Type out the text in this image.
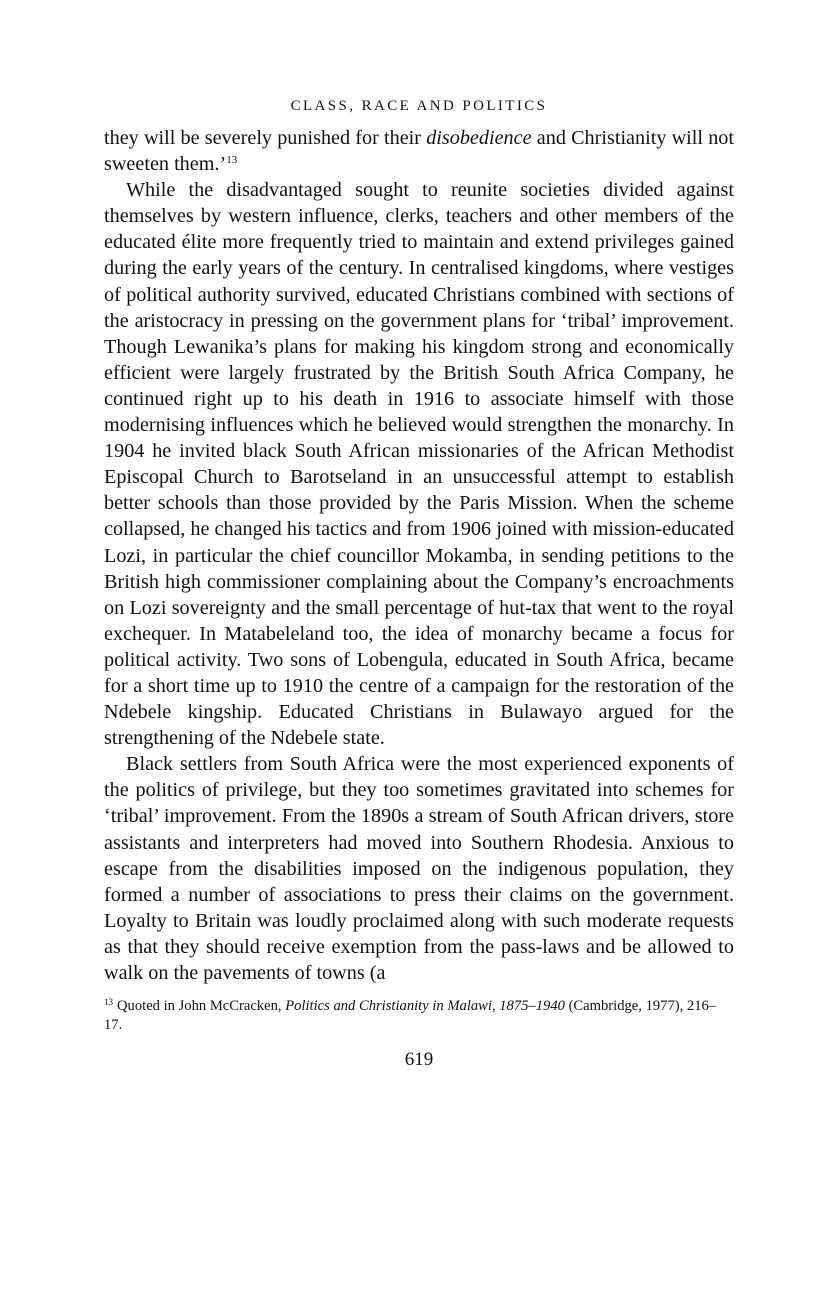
CLASS, RACE AND POLITICS

they will be severely punished for their disobedience and Christianity will not sweeten them.’$^{13}$

While the disadvantaged sought to reunite societies divided against themselves by western influence, clerks, teachers and other members of the educated élite more frequently tried to maintain and extend privileges gained during the early years of the century. In centralised kingdoms, where vestiges of political authority survived, educated Christians combined with sections of the aristocracy in pressing on the government plans for ‘tribal’ improvement. Though Lewanika’s plans for making his kingdom strong and economically efficient were largely frustrated by the British South Africa Company, he continued right up to his death in 1916 to associate himself with those modernising influences which he believed would strengthen the monarchy. In 1904 he invited black South African missionaries of the African Methodist Episcopal Church to Barotseland in an unsuccessful attempt to establish better schools than those provided by the Paris Mission. When the scheme collapsed, he changed his tactics and from 1906 joined with mission-educated Lozi, in particular the chief councillor Mokamba, in sending petitions to the British high commissioner complaining about the Company’s encroachments on Lozi sovereignty and the small percentage of hut-tax that went to the royal exchequer. In Matabeleland too, the idea of monarchy became a focus for political activity. Two sons of Lobengula, educated in South Africa, became for a short time up to 1910 the centre of a campaign for the restoration of the Ndebele kingship. Educated Christians in Bulawayo argued for the strengthening of the Ndebele state.

Black settlers from South Africa were the most experienced exponents of the politics of privilege, but they too sometimes gravitated into schemes for ‘tribal’ improvement. From the 1890s a stream of South African drivers, store assistants and interpreters had moved into Southern Rhodesia. Anxious to escape from the disabilities imposed on the indigenous population, they formed a number of associations to press their claims on the government. Loyalty to Britain was loudly proclaimed along with such moderate requests as that they should receive exemption from the pass-laws and be allowed to walk on the pavements of towns (a

$^{13}$ Quoted in John McCracken, Politics and Christianity in Malawi, 1875–1940 (Cambridge, 1977), 216–17.
619
